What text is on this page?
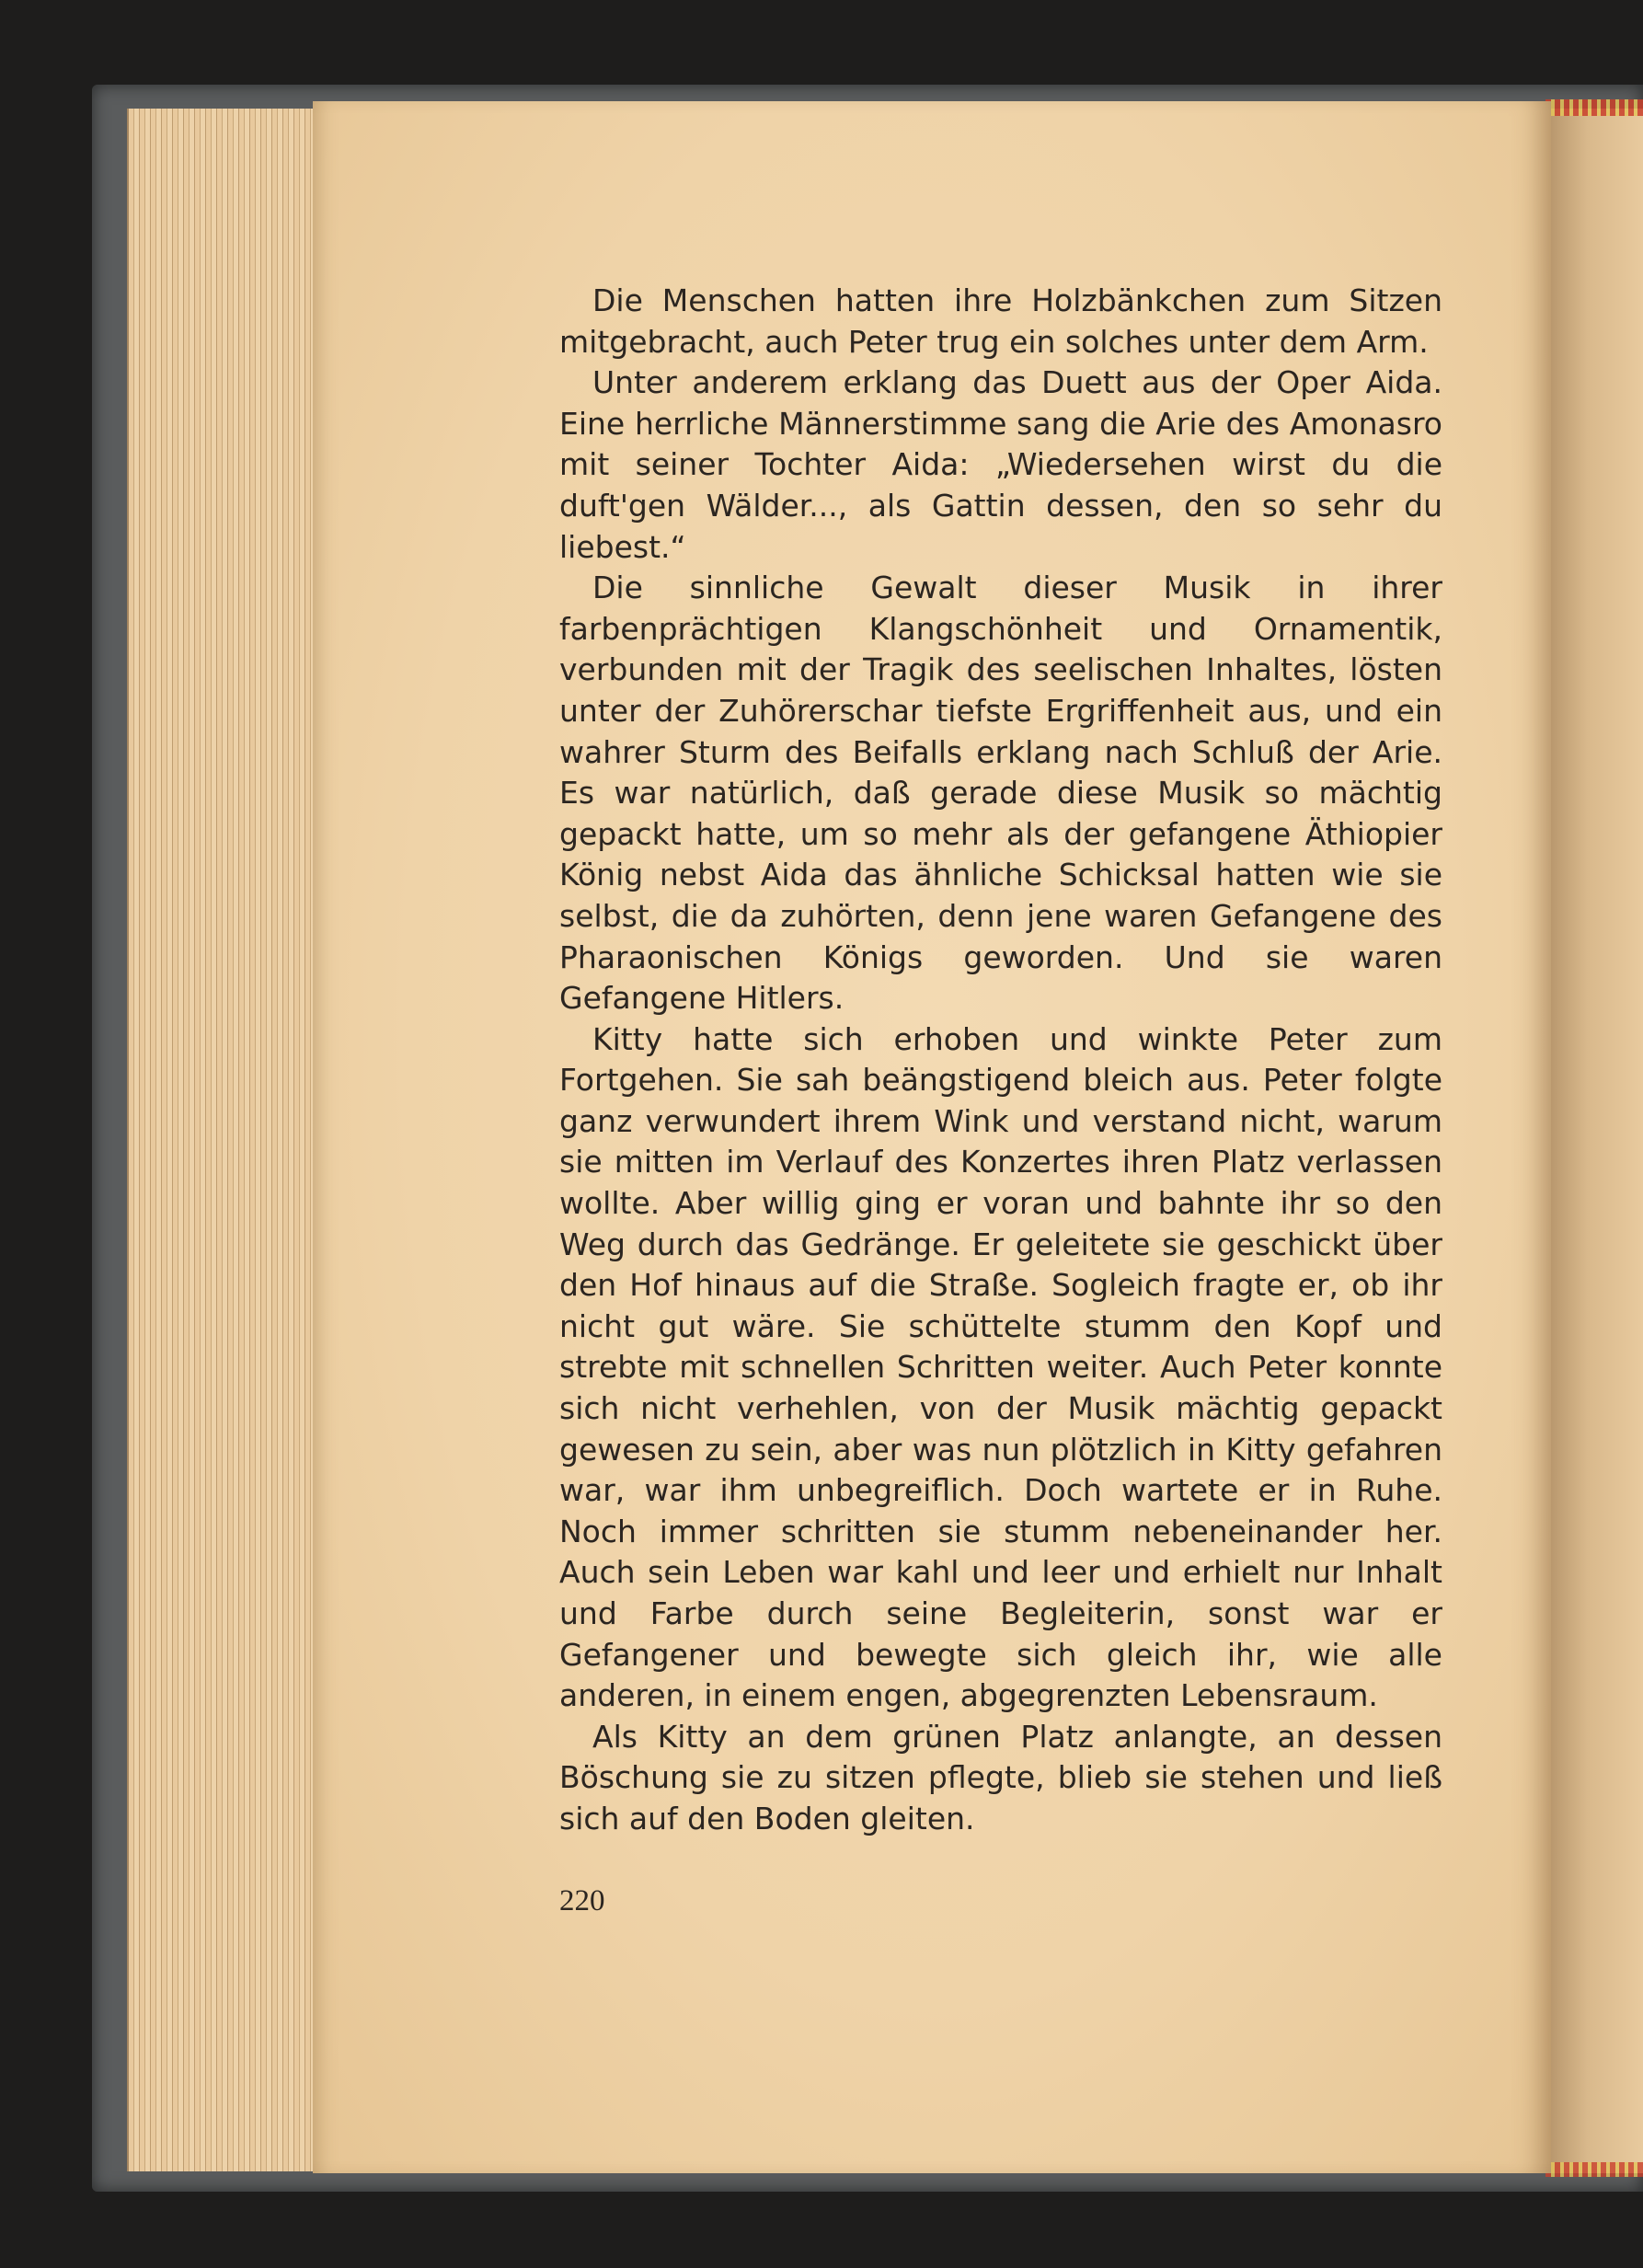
Die Menschen hatten ihre Holzbänkchen zum Sitzen mitgebracht, auch Peter trug ein solches unter dem Arm.

Unter anderem erklang das Duett aus der Oper Aida. Eine herrliche Männerstimme sang die Arie des Amonasro mit seiner Tochter Aida: „Wiedersehen wirst du die duft'gen Wälder..., als Gattin dessen, den so sehr du liebest.“

Die sinnliche Gewalt dieser Musik in ihrer farbenprächtigen Klangschönheit und Ornamentik, verbunden mit der Tragik des seelischen Inhaltes, lösten unter der Zuhörerschar tiefste Ergriffenheit aus, und ein wahrer Sturm des Beifalls erklang nach Schluß der Arie. Es war natürlich, daß gerade diese Musik so mächtig gepackt hatte, um so mehr als der gefangene Äthiopier König nebst Aida das ähnliche Schicksal hatten wie sie selbst, die da zuhörten, denn jene waren Gefangene des Pharaonischen Königs geworden. Und sie waren Gefangene Hitlers.

Kitty hatte sich erhoben und winkte Peter zum Fortgehen. Sie sah beängstigend bleich aus. Peter folgte ganz verwundert ihrem Wink und verstand nicht, warum sie mitten im Verlauf des Konzertes ihren Platz verlassen wollte. Aber willig ging er voran und bahnte ihr so den Weg durch das Gedränge. Er geleitete sie geschickt über den Hof hinaus auf die Straße. Sogleich fragte er, ob ihr nicht gut wäre. Sie schüttelte stumm den Kopf und strebte mit schnellen Schritten weiter. Auch Peter konnte sich nicht verhehlen, von der Musik mächtig gepackt gewesen zu sein, aber was nun plötzlich in Kitty gefahren war, war ihm unbegreiflich. Doch wartete er in Ruhe. Noch immer schritten sie stumm nebeneinander her. Auch sein Leben war kahl und leer und erhielt nur Inhalt und Farbe durch seine Begleiterin, sonst war er Gefangener und bewegte sich gleich ihr, wie alle anderen, in einem engen, abgegrenzten Lebensraum.

Als Kitty an dem grünen Platz anlangte, an dessen Böschung sie zu sitzen pflegte, blieb sie stehen und ließ sich auf den Boden gleiten.

220
